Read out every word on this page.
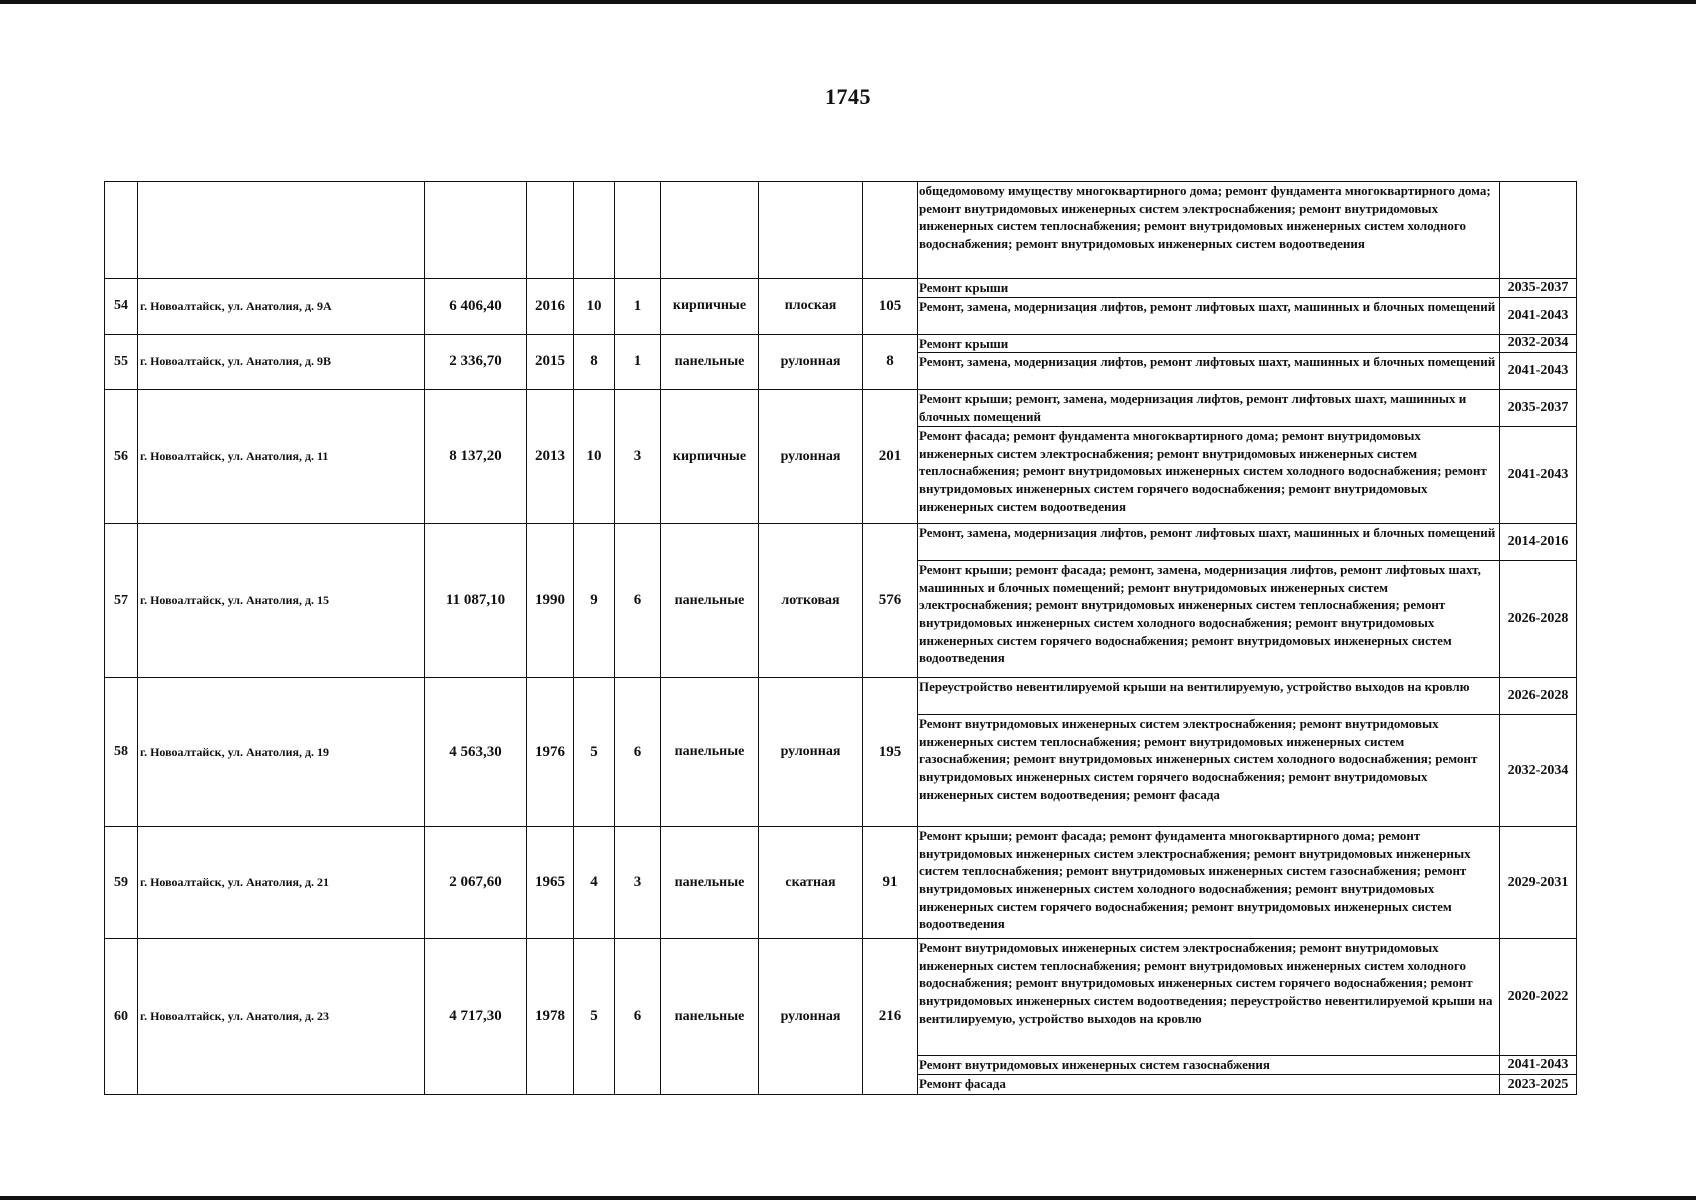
1745
									общедомовому имуществу многоквартирного дома; ремонт фундамента многоквартирного дома; ремонт внутридомовых инженерных систем электроснабжения; ремонт внутридомовых инженерных систем теплоснабжения; ремонт внутридомовых инженерных систем холодного водоснабжения; ремонт внутридомовых инженерных систем водоотведения	
54	г. Новоалтайск, ул. Анатолия, д. 9А	6 406,40	2016	10	1	кирпичные	плоская	105	Ремонт крыши	2035-2037
									Ремонт, замена, модернизация лифтов, ремонт лифтовых шахт, машинных и блочных помещений	2041-2043
55	г. Новоалтайск, ул. Анатолия, д. 9В	2 336,70	2015	8	1	панельные	рулонная	8	Ремонт крыши	2032-2034
									Ремонт, замена, модернизация лифтов, ремонт лифтовых шахт, машинных и блочных помещений	2041-2043
56	г. Новоалтайск, ул. Анатолия, д. 11	8 137,20	2013	10	3	кирпичные	рулонная	201	Ремонт крыши; ремонт, замена, модернизация лифтов, ремонт лифтовых шахт, машинных и блочных помещений	2035-2037
									Ремонт фасада; ремонт фундамента многоквартирного дома; ремонт внутридомовых инженерных систем электроснабжения; ремонт внутридомовых инженерных систем теплоснабжения; ремонт внутридомовых инженерных систем холодного водоснабжения; ремонт внутридомовых инженерных систем горячего водоснабжения; ремонт внутридомовых инженерных систем водоотведения	2041-2043
57	г. Новоалтайск, ул. Анатолия, д. 15	11 087,10	1990	9	6	панельные	лотковая	576	Ремонт, замена, модернизация лифтов, ремонт лифтовых шахт, машинных и блочных помещений	2014-2016
									Ремонт крыши; ремонт фасада; ремонт, замена, модернизация лифтов, ремонт лифтовых шахт, машинных и блочных помещений; ремонт внутридомовых инженерных систем электроснабжения; ремонт внутридомовых инженерных систем теплоснабжения; ремонт внутридомовых инженерных систем холодного водоснабжения; ремонт внутридомовых инженерных систем горячего водоснабжения; ремонт внутридомовых инженерных систем водоотведения	2026-2028
58	г. Новоалтайск, ул. Анатолия, д. 19	4 563,30	1976	5	6	панельные	рулонная	195	Переустройство невентилируемой крыши на вентилируемую, устройство выходов на кровлю	2026-2028
									Ремонт внутридомовых инженерных систем электроснабжения; ремонт внутридомовых инженерных систем теплоснабжения; ремонт внутридомовых инженерных систем газоснабжения; ремонт внутридомовых инженерных систем холодного водоснабжения; ремонт внутридомовых инженерных систем горячего водоснабжения; ремонт внутридомовых инженерных систем водоотведения; ремонт фасада	2032-2034
59	г. Новоалтайск, ул. Анатолия, д. 21	2 067,60	1965	4	3	панельные	скатная	91	Ремонт крыши; ремонт фасада; ремонт фундамента многоквартирного дома; ремонт внутридомовых инженерных систем электроснабжения; ремонт внутридомовых инженерных систем теплоснабжения; ремонт внутридомовых инженерных систем газоснабжения; ремонт внутридомовых инженерных систем холодного водоснабжения; ремонт внутридомовых инженерных систем горячего водоснабжения; ремонт внутридомовых инженерных систем водоотведения	2029-2031
60	г. Новоалтайск, ул. Анатолия, д. 23	4 717,30	1978	5	6	панельные	рулонная	216	Ремонт внутридомовых инженерных систем электроснабжения; ремонт внутридомовых инженерных систем теплоснабжения; ремонт внутридомовых инженерных систем холодного водоснабжения; ремонт внутридомовых инженерных систем горячего водоснабжения; ремонт внутридомовых инженерных систем водоотведения; переустройство невентилируемой крыши на вентилируемую, устройство выходов на кровлю	2020-2022
									Ремонт внутридомовых инженерных систем газоснабжения	2041-2043
									Ремонт фасада	2023-2025
